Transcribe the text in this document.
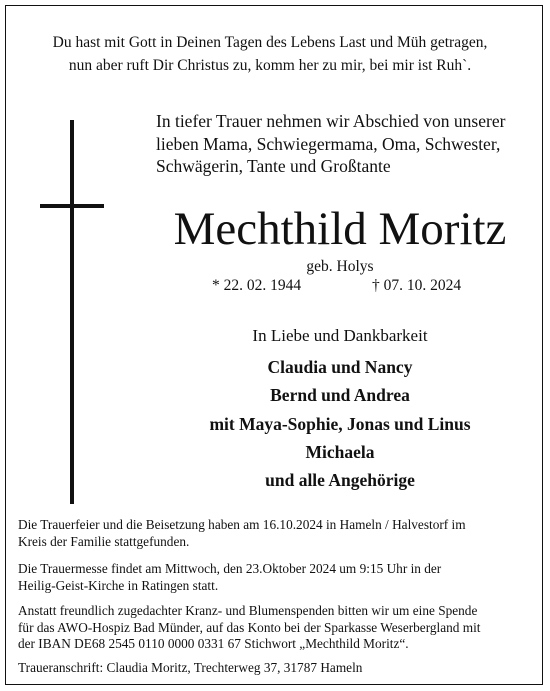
Du hast mit Gott in Deinen Tagen des Lebens Last und Müh getragen,
nun aber ruft Dir Christus zu, komm her zu mir, bei mir ist Ruh`.
In tiefer Trauer nehmen wir Abschied von unserer
lieben Mama, Schwiegermama, Oma, Schwester,
Schwägerin, Tante und Großtante
Mechthild Moritz
geb. Holys
* 22. 02. 1944	† 07. 10. 2024
In Liebe und Dankbarkeit
Claudia und Nancy
Bernd und Andrea
mit Maya-Sophie, Jonas und Linus
Michaela
und alle Angehörige
Die Trauerfeier und die Beisetzung haben am 16.10.2024 in Hameln / Halvestorf im
Kreis der Familie stattgefunden.
Die Trauermesse findet am Mittwoch, den 23.Oktober 2024 um 9:15 Uhr in der
Heilig-Geist-Kirche in Ratingen statt.
Anstatt freundlich zugedachter Kranz- und Blumenspenden bitten wir um eine Spende
für das AWO-Hospiz Bad Münder, auf das Konto bei der Sparkasse Weserbergland mit
der IBAN DE68 2545 0110 0000 0331 67 Stichwort „Mechthild Moritz“.
Traueranschrift: Claudia Moritz, Trechterweg 37, 31787 Hameln
